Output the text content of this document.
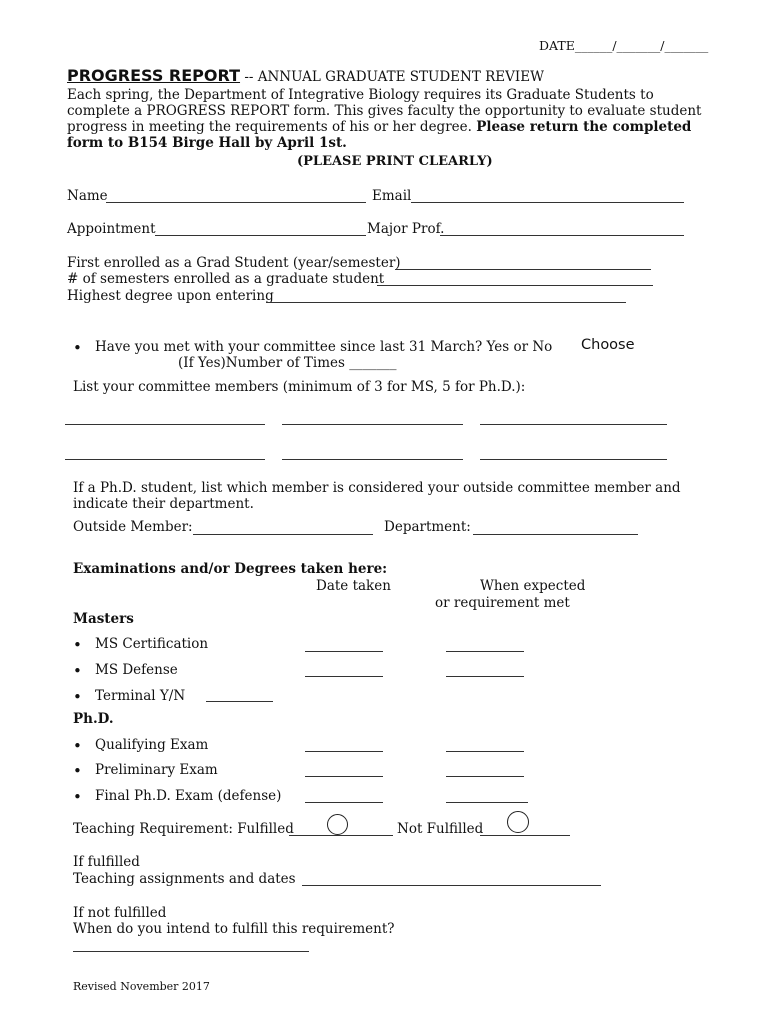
DATE______/_______/_______
PROGRESS REPORT -- ANNUAL GRADUATE STUDENT REVIEW
Each spring, the Department of Integrative Biology requires its Graduate Students to complete a PROGRESS REPORT form. This gives faculty the opportunity to evaluate student progress in meeting the requirements of his or her degree. Please return the completed form to B154 Birge Hall by April 1st.
(PLEASE PRINT CLEARLY)
Name	Email
Appointment	Major Prof.
First enrolled as a Grad Student (year/semester)
# of semesters enrolled as a graduate student
Highest degree upon entering
• Have you met with your committee since last 31 March? Yes or No Choose
(If Yes)Number of Times _______
List your committee members (minimum of 3 for MS, 5 for Ph.D.):
If a Ph.D. student, list which member is considered your outside committee member and indicate their department.
Outside Member:	Department:
Examinations and/or Degrees taken here:
Date taken	When expected
or requirement met
Masters
• MS Certification
• MS Defense
• Terminal Y/N
Ph.D.
• Qualifying Exam
• Preliminary Exam
• Final Ph.D. Exam (defense)
Teaching Requirement: Fulfilled	Not Fulfilled
If fulfilled
Teaching assignments and dates
If not fulfilled
When do you intend to fulfill this requirement?
Revised November 2017
